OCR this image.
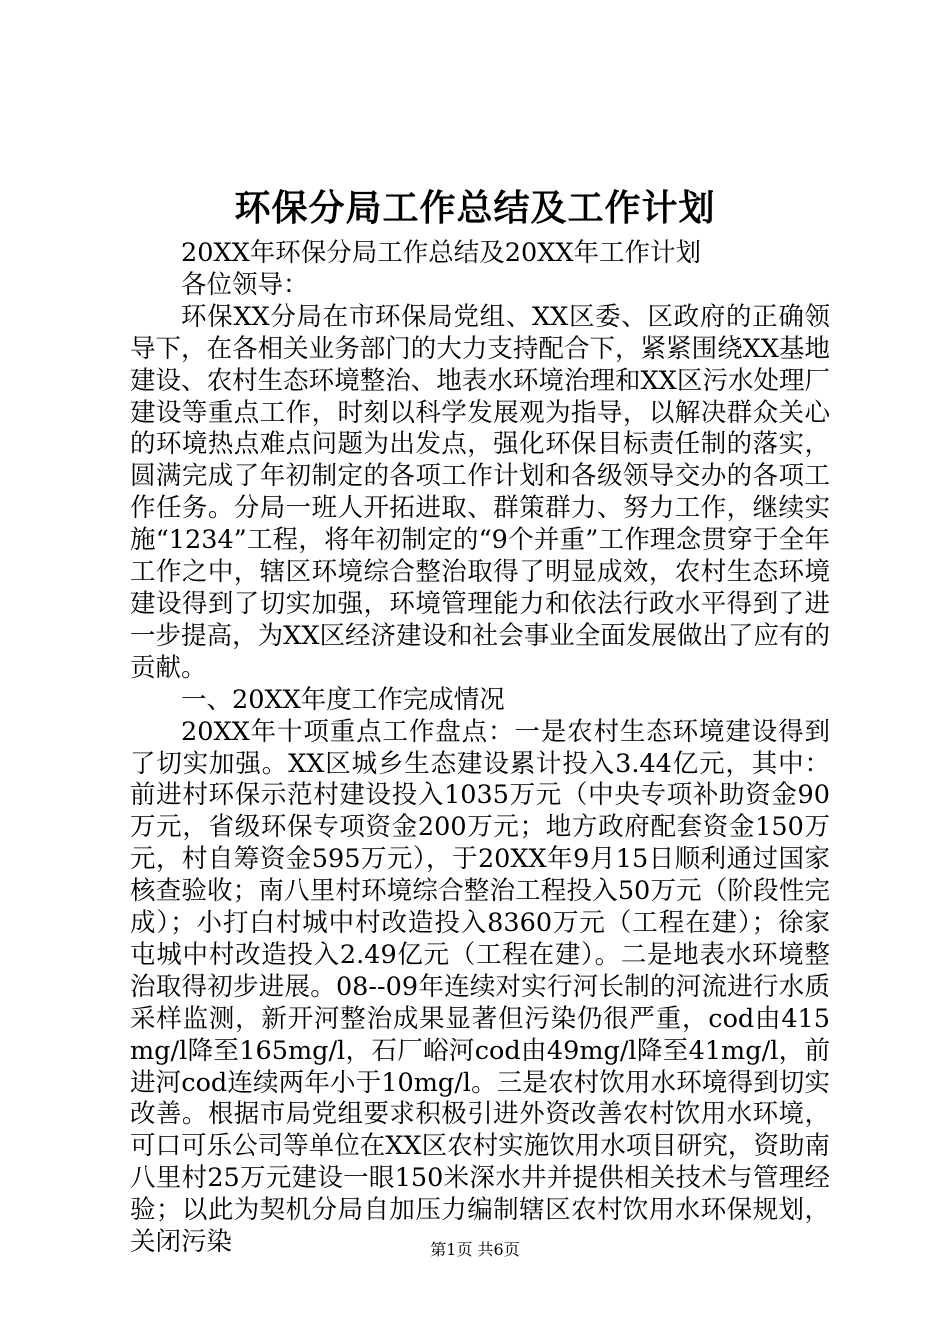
环保分局工作总结及工作计划

20XX年环保分局工作总结及20XX年工作计划

各位领导：

环保XX分局在市环保局党组、XX区委、区政府的正确领导下，在各相关业务部门的大力支持配合下，紧紧围绕XX基地建设、农村生态环境整治、地表水环境治理和XX区污水处理厂建设等重点工作，时刻以科学发展观为指导，以解决群众关心的环境热点难点问题为出发点，强化环保目标责任制的落实，圆满完成了年初制定的各项工作计划和各级领导交办的各项工作任务。分局一班人开拓进取、群策群力、努力工作，继续实施“1234”工程，将年初制定的“9个并重”工作理念贯穿于全年工作之中，辖区环境综合整治取得了明显成效，农村生态环境建设得到了切实加强，环境管理能力和依法行政水平得到了进一步提高，为XX区经济建设和社会事业全面发展做出了应有的贡献。

一、20XX年度工作完成情况

20XX年十项重点工作盘点：一是农村生态环境建设得到了切实加强。XX区城乡生态建设累计投入3.44亿元，其中：前进村环保示范村建设投入1035万元（中央专项补助资金90万元，省级环保专项资金200万元；地方政府配套资金150万元，村自筹资金595万元），于20XX年9月15日顺利通过国家核查验收；南八里村环境综合整治工程投入50万元（阶段性完成）；小打白村城中村改造投入8360万元（工程在建）；徐家屯城中村改造投入2.49亿元（工程在建）。二是地表水环境整治取得初步进展。08--09年连续对实行河长制的河流进行水质采样监测，新开河整治成果显著但污染仍很严重，cod由415mg/l降至165mg/l，石厂峪河cod由49mg/l降至41mg/l，前进河cod连续两年小于10mg/l。三是农村饮用水环境得到切实改善。根据市局党组要求积极引进外资改善农村饮用水环境，可口可乐公司等单位在XX区农村实施饮用水项目研究，资助南八里村25万元建设一眼150米深水井并提供相关技术与管理经验；以此为契机分局自加压力编制辖区农村饮用水环保规划，关闭污染	第1页 共6页
